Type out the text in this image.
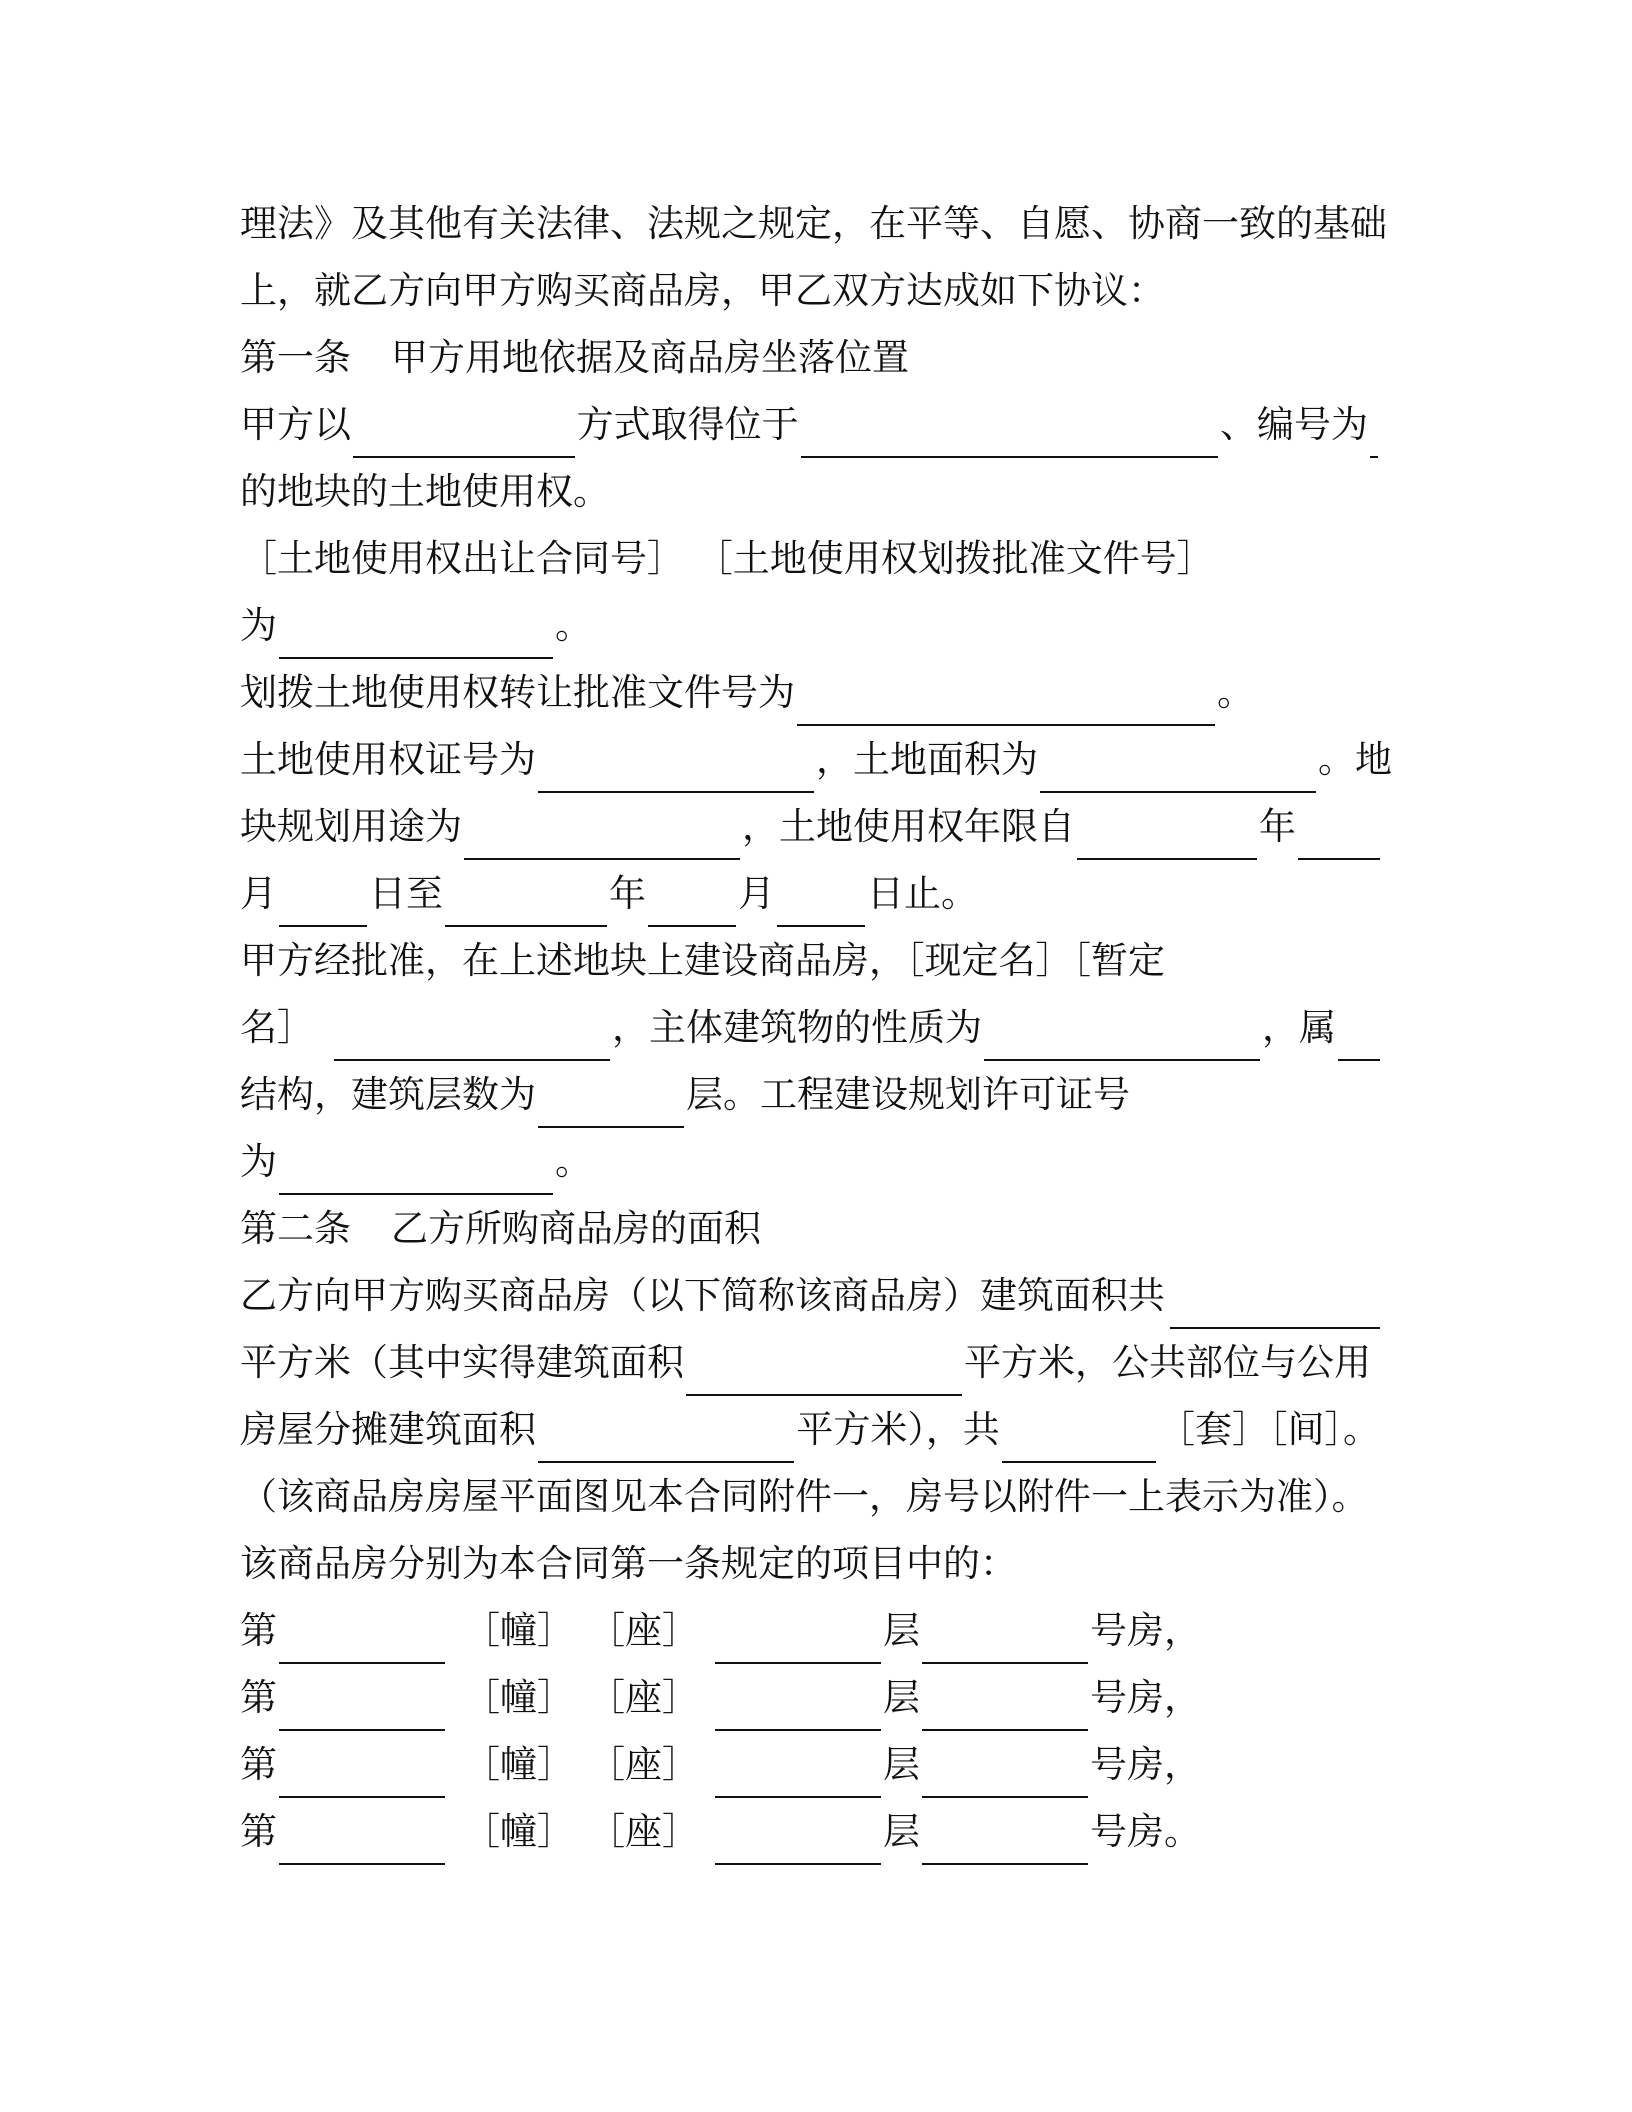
理法》及其他有关法律、法规之规定，在平等、自愿、协商一致的基础
上，就乙方向甲方购买商品房，甲乙双方达成如下协议：
第一条 甲方用地依据及商品房坐落位置
甲方以	方式取得位于	、编号为
的地块的土地使用权。
［土地使用权出让合同号］ ［土地使用权划拨批准文件号］
为	。
划拨土地使用权转让批准文件号为	。
土地使用权证号为	，土地面积为	。地
块规划用途为	，土地使用权年限自	年
月 日至	年 月 日止。
甲方经批准，在上述地块上建设商品房，［现定名］［暂定
名］	，主体建筑物的性质为	，属
结构，建筑层数为	层。工程建设规划许可证号
为	。
第二条 乙方所购商品房的面积
乙方向甲方购买商品房（以下简称该商品房）建筑面积共
平方米（其中实得建筑面积	平方米，公共部位与公用
房屋分摊建筑面积	平方米），共	［套］［间］。
（该商品房房屋平面图见本合同附件一，房号以附件一上表示为准）。
该商品房分别为本合同第一条规定的项目中的：
第	［幢］ ［座］	层	号房，
第	［幢］ ［座］	层	号房，
第	［幢］ ［座］	层	号房，
第	［幢］ ［座］	层	号房。
